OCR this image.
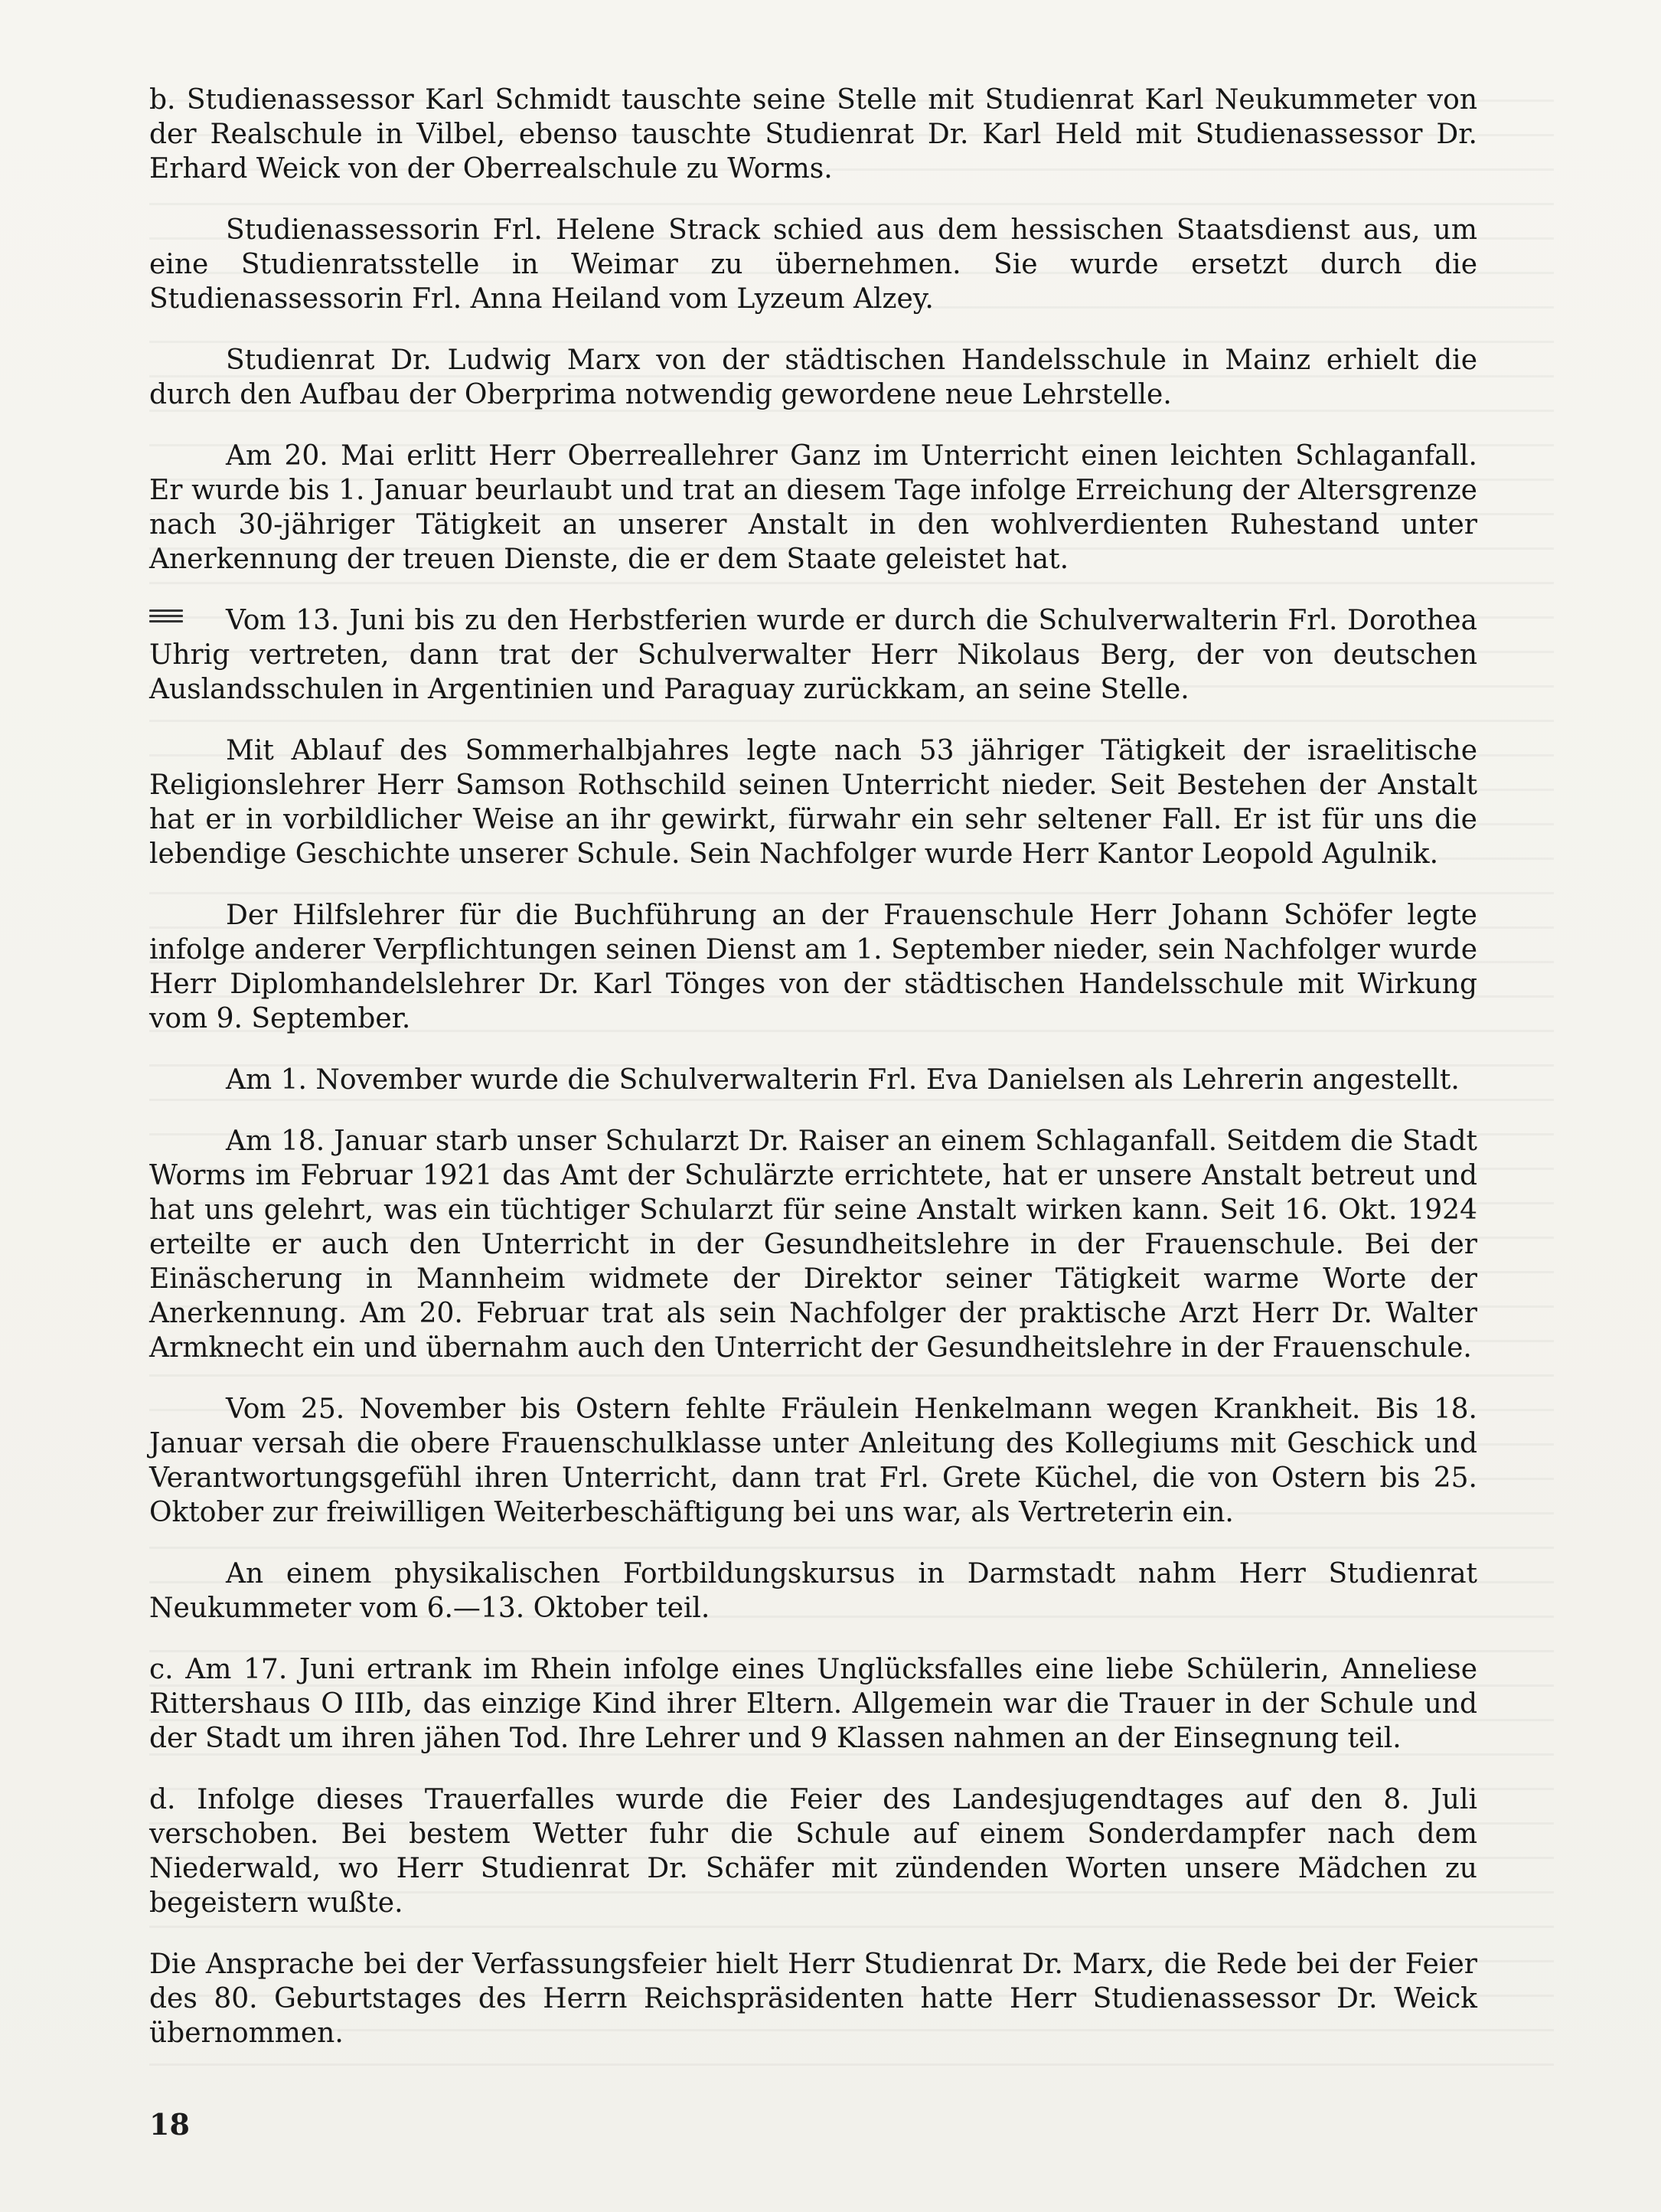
b. Studienassessor Karl Schmidt tauschte seine Stelle mit Studienrat Karl Neukummeter von der Realschule in Vilbel, ebenso tauschte Studienrat Dr. Karl Held mit Studienassessor Dr. Erhard Weick von der Oberrealschule zu Worms.

Studienassessorin Frl. Helene Strack schied aus dem hessischen Staatsdienst aus, um eine Studienratsstelle in Weimar zu übernehmen. Sie wurde ersetzt durch die Studienassessorin Frl. Anna Heiland vom Lyzeum Alzey.

Studienrat Dr. Ludwig Marx von der städtischen Handelsschule in Mainz erhielt die durch den Aufbau der Oberprima notwendig gewordene neue Lehrstelle.

Am 20. Mai erlitt Herr Oberreallehrer Ganz im Unterricht einen leichten Schlaganfall. Er wurde bis 1. Januar beurlaubt und trat an diesem Tage infolge Erreichung der Altersgrenze nach 30-jähriger Tätigkeit an unserer Anstalt in den wohlverdienten Ruhestand unter Anerkennung der treuen Dienste, die er dem Staate geleistet hat.

Vom 13. Juni bis zu den Herbstferien wurde er durch die Schulverwalterin Frl. Dorothea Uhrig vertreten, dann trat der Schulverwalter Herr Nikolaus Berg, der von deutschen Auslandsschulen in Argentinien und Paraguay zurückkam, an seine Stelle.

Mit Ablauf des Sommerhalbjahres legte nach 53 jähriger Tätigkeit der israelitische Religionslehrer Herr Samson Rothschild seinen Unterricht nieder. Seit Bestehen der Anstalt hat er in vorbildlicher Weise an ihr gewirkt, fürwahr ein sehr seltener Fall. Er ist für uns die lebendige Geschichte unserer Schule. Sein Nachfolger wurde Herr Kantor Leopold Agulnik.

Der Hilfslehrer für die Buchführung an der Frauenschule Herr Johann Schöfer legte infolge anderer Verpflichtungen seinen Dienst am 1. September nieder, sein Nachfolger wurde Herr Diplomhandelslehrer Dr. Karl Tönges von der städtischen Handelsschule mit Wirkung vom 9. September.

Am 1. November wurde die Schulverwalterin Frl. Eva Danielsen als Lehrerin angestellt.

Am 18. Januar starb unser Schularzt Dr. Raiser an einem Schlaganfall. Seitdem die Stadt Worms im Februar 1921 das Amt der Schulärzte errichtete, hat er unsere Anstalt betreut und hat uns gelehrt, was ein tüchtiger Schularzt für seine Anstalt wirken kann. Seit 16. Okt. 1924 erteilte er auch den Unterricht in der Gesundheitslehre in der Frauenschule. Bei der Einäscherung in Mannheim widmete der Direktor seiner Tätigkeit warme Worte der Anerkennung. Am 20. Februar trat als sein Nachfolger der praktische Arzt Herr Dr. Walter Armknecht ein und übernahm auch den Unterricht der Gesundheitslehre in der Frauenschule.

Vom 25. November bis Ostern fehlte Fräulein Henkelmann wegen Krankheit. Bis 18. Januar versah die obere Frauenschulklasse unter Anleitung des Kollegiums mit Geschick und Verantwortungsgefühl ihren Unterricht, dann trat Frl. Grete Küchel, die von Ostern bis 25. Oktober zur freiwilligen Weiterbeschäftigung bei uns war, als Vertreterin ein.

An einem physikalischen Fortbildungskursus in Darmstadt nahm Herr Studienrat Neukummeter vom 6.—13. Oktober teil.

c. Am 17. Juni ertrank im Rhein infolge eines Unglücksfalles eine liebe Schülerin, Anneliese Rittershaus O IIIb, das einzige Kind ihrer Eltern. Allgemein war die Trauer in der Schule und der Stadt um ihren jähen Tod. Ihre Lehrer und 9 Klassen nahmen an der Einsegnung teil.

d. Infolge dieses Trauerfalles wurde die Feier des Landesjugendtages auf den 8. Juli verschoben. Bei bestem Wetter fuhr die Schule auf einem Sonderdampfer nach dem Niederwald, wo Herr Studienrat Dr. Schäfer mit zündenden Worten unsere Mädchen zu begeistern wußte.

Die Ansprache bei der Verfassungsfeier hielt Herr Studienrat Dr. Marx, die Rede bei der Feier des 80. Geburtstages des Herrn Reichspräsidenten hatte Herr Studienassessor Dr. Weick übernommen.

18
